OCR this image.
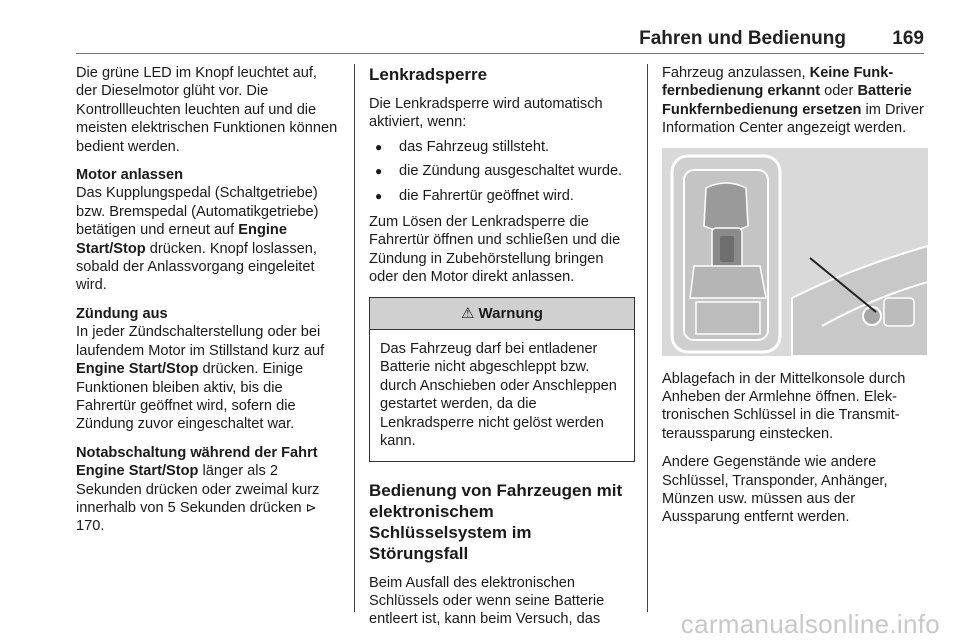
Fahren und Bedienung 169

Die grüne LED im Knopf leuchtet auf, der Dieselmotor glüht vor. Die Kontrollleuchten leuchten auf und die meisten elektrischen Funktionen können bedient werden.

Motor anlassen
Das Kupplungspedal (Schaltgetriebe) bzw. Bremspedal (Automatikgetriebe) betätigen und erneut auf Engine Start/Stop drücken. Knopf loslassen, sobald der Anlassvorgang eingeleitet wird.

Zündung aus
In jeder Zündschalterstellung oder bei laufendem Motor im Stillstand kurz auf Engine Start/Stop drücken. Einige Funktionen bleiben aktiv, bis die Fahrertür geöffnet wird, sofern die Zündung zuvor eingeschaltet war.

Notabschaltung während der Fahrt
Engine Start/Stop länger als 2 Sekunden drücken oder zweimal kurz innerhalb von 5 Sekunden drücken ⊳170.

Lenkradsperre

Die Lenkradsperre wird automatisch aktiviert, wenn:

● das Fahrzeug stillsteht.
● die Zündung ausgeschaltet wurde.
● die Fahrertür geöffnet wird.

Zum Lösen der Lenkradsperre die Fahrertür öffnen und schließen und die Zündung in Zubehörstellung bringen oder den Motor direkt anlassen.

⚠ Warnung
Das Fahrzeug darf bei entladener Batterie nicht abgeschleppt bzw. durch Anschieben oder Anschleppen gestartet werden, da die Lenkradsperre nicht gelöst werden kann.
Bedienung von Fahrzeugen mit elektronischem Schlüsselsystem im Störungsfall

Beim Ausfall des elektronischen Schlüssels oder wenn seine Batterie entleert ist, kann beim Versuch, das

Fahrzeug anzulassen, Keine Funkfernbedienung erkannt oder Batterie Funkfernbedienung ersetzen im Driver Information Center angezeigt werden.

Ablagefach in der Mittelkonsole durch Anheben der Armlehne öffnen. Elektronischen Schlüssel in die Transmitteraussparung einstecken.

Andere Gegenstände wie andere Schlüssel, Transponder, Anhänger, Münzen usw. müssen aus der Aussparung entfernt werden.

carmanualsonline.info
